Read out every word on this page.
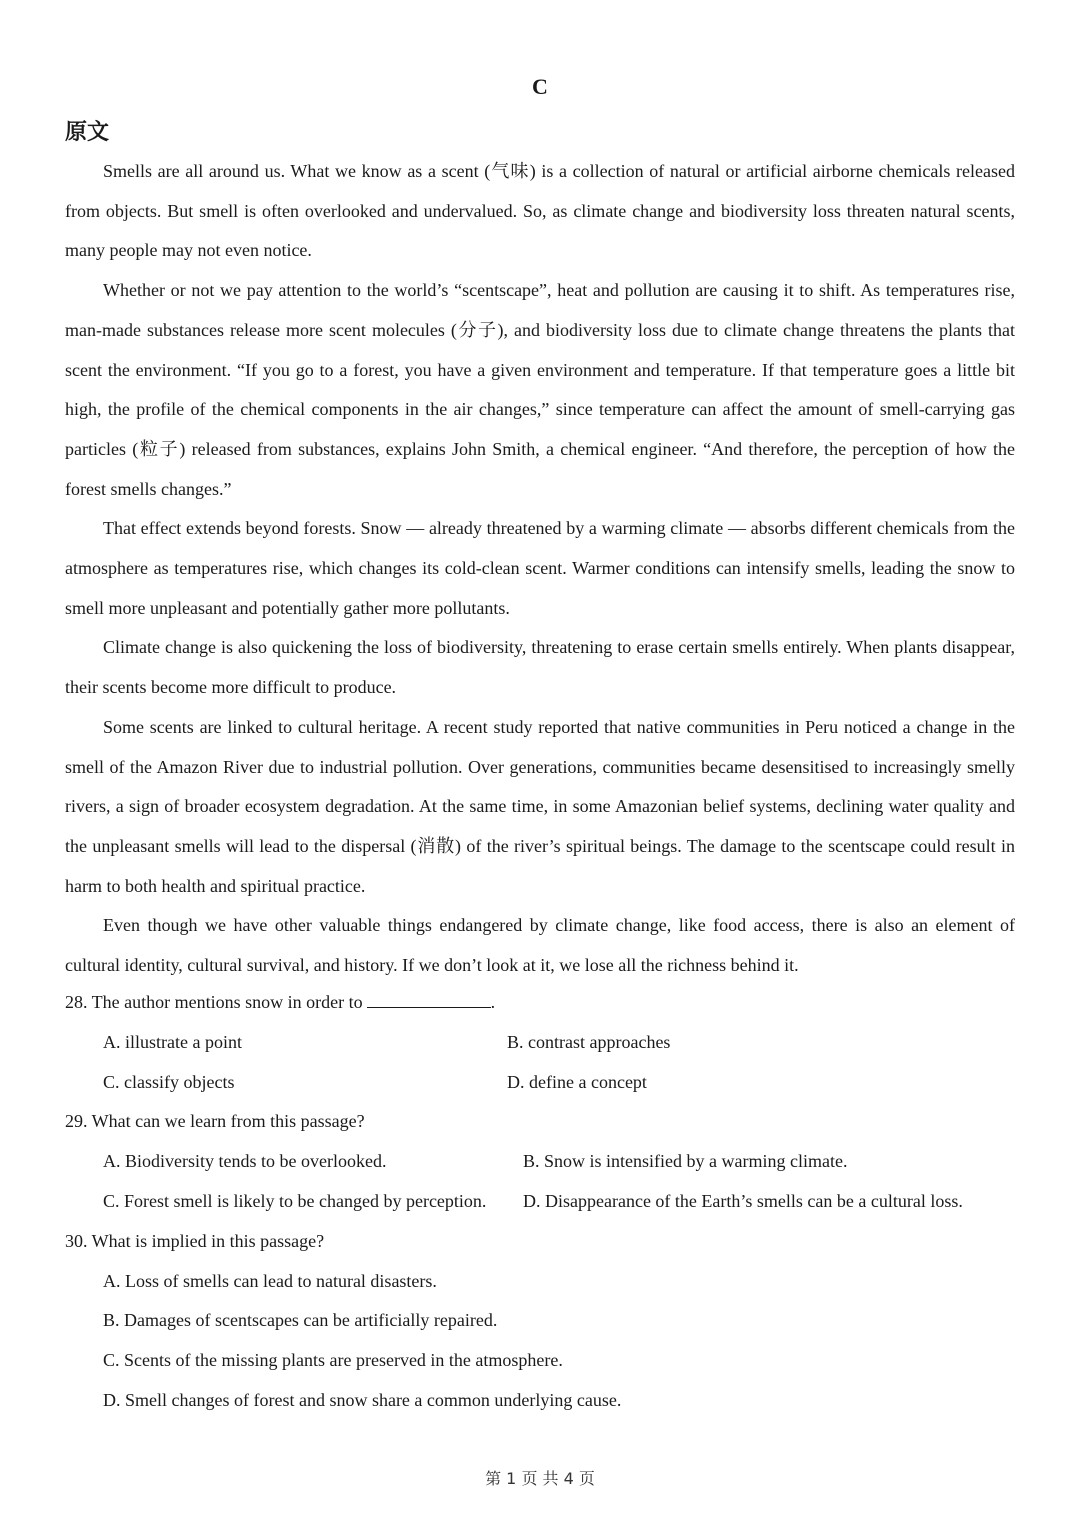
C
原文

Smells are all around us. What we know as a scent (气味) is a collection of natural or artificial airborne chemicals released from objects. But smell is often overlooked and undervalued. So, as climate change and biodiversity loss threaten natural scents, many people may not even notice.

Whether or not we pay attention to the world’s “scentscape”, heat and pollution are causing it to shift. As temperatures rise, man-made substances release more scent molecules (分子), and biodiversity loss due to climate change threatens the plants that scent the environment. “If you go to a forest, you have a given environment and temperature. If that temperature goes a little bit high, the profile of the chemical components in the air changes,” since temperature can affect the amount of smell-carrying gas particles (粒子) released from substances, explains John Smith, a chemical engineer. “And therefore, the perception of how the forest smells changes.”

That effect extends beyond forests. Snow — already threatened by a warming climate — absorbs different chemicals from the atmosphere as temperatures rise, which changes its cold-clean scent. Warmer conditions can intensify smells, leading the snow to smell more unpleasant and potentially gather more pollutants.

Climate change is also quickening the loss of biodiversity, threatening to erase certain smells entirely. When plants disappear, their scents become more difficult to produce.

Some scents are linked to cultural heritage. A recent study reported that native communities in Peru noticed a change in the smell of the Amazon River due to industrial pollution. Over generations, communities became desensitised to increasingly smelly rivers, a sign of broader ecosystem degradation. At the same time, in some Amazonian belief systems, declining water quality and the unpleasant smells will lead to the dispersal (消散) of the river’s spiritual beings. The damage to the scentscape could result in harm to both health and spiritual practice.

Even though we have other valuable things endangered by climate change, like food access, there is also an element of cultural identity, cultural survival, and history. If we don’t look at it, we lose all the richness behind it.

28. The author mentions snow in order to	.
A. illustrate a point	B. contrast approaches
C. classify objects	D. define a concept
29. What can we learn from this passage?
A. Biodiversity tends to be overlooked.	B. Snow is intensified by a warming climate.
C. Forest smell is likely to be changed by perception.	D. Disappearance of the Earth’s smells can be a cultural loss.
30. What is implied in this passage?
A. Loss of smells can lead to natural disasters.
B. Damages of scentscapes can be artificially repaired.
C. Scents of the missing plants are preserved in the atmosphere.
D. Smell changes of forest and snow share a common underlying cause.
第 1 页 共 4 页
